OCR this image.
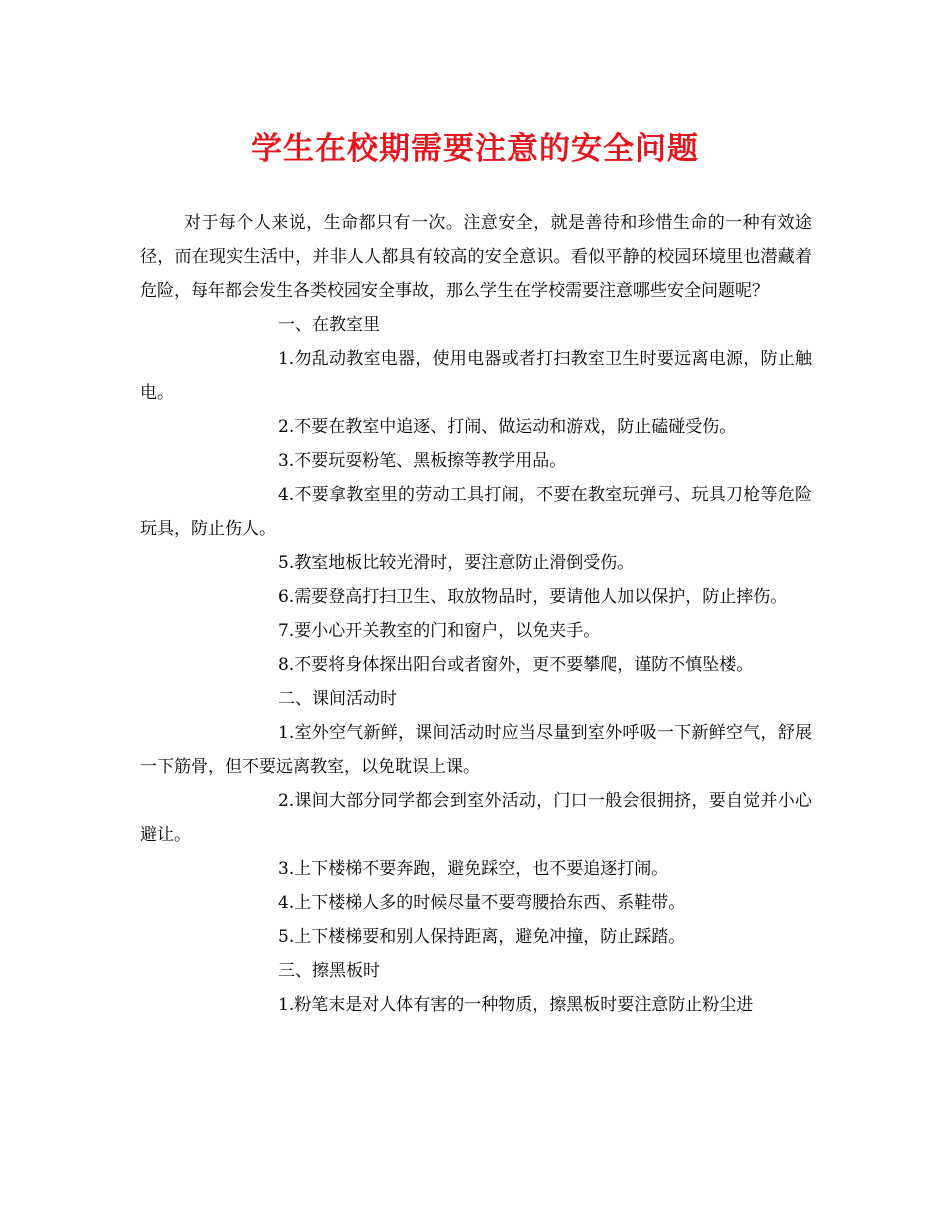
学生在校期需要注意的安全问题

对于每个人来说，生命都只有一次。注意安全，就是善待和珍惜生命的一种有效途径，而在现实生活中，并非人人都具有较高的安全意识。看似平静的校园环境里也潜藏着危险，每年都会发生各类校园安全事故，那么学生在学校需要注意哪些安全问题呢？

一、在教室里

1.勿乱动教室电器，使用电器或者打扫教室卫生时要远离电源，防止触电。

2.不要在教室中追逐、打闹、做运动和游戏，防止磕碰受伤。

3.不要玩耍粉笔、黑板擦等教学用品。

4.不要拿教室里的劳动工具打闹，不要在教室玩弹弓、玩具刀枪等危险玩具，防止伤人。

5.教室地板比较光滑时，要注意防止滑倒受伤。

6.需要登高打扫卫生、取放物品时，要请他人加以保护，防止摔伤。

7.要小心开关教室的门和窗户，以免夹手。

8.不要将身体探出阳台或者窗外，更不要攀爬，谨防不慎坠楼。

二、课间活动时

1.室外空气新鲜，课间活动时应当尽量到室外呼吸一下新鲜空气，舒展一下筋骨，但不要远离教室，以免耽误上课。

2.课间大部分同学都会到室外活动，门口一般会很拥挤，要自觉并小心避让。

3.上下楼梯不要奔跑，避免踩空，也不要追逐打闹。

4.上下楼梯人多的时候尽量不要弯腰拾东西、系鞋带。

5.上下楼梯要和别人保持距离，避免冲撞，防止踩踏。

三、擦黑板时

1.粉笔末是对人体有害的一种物质，擦黑板时要注意防止粉尘进
